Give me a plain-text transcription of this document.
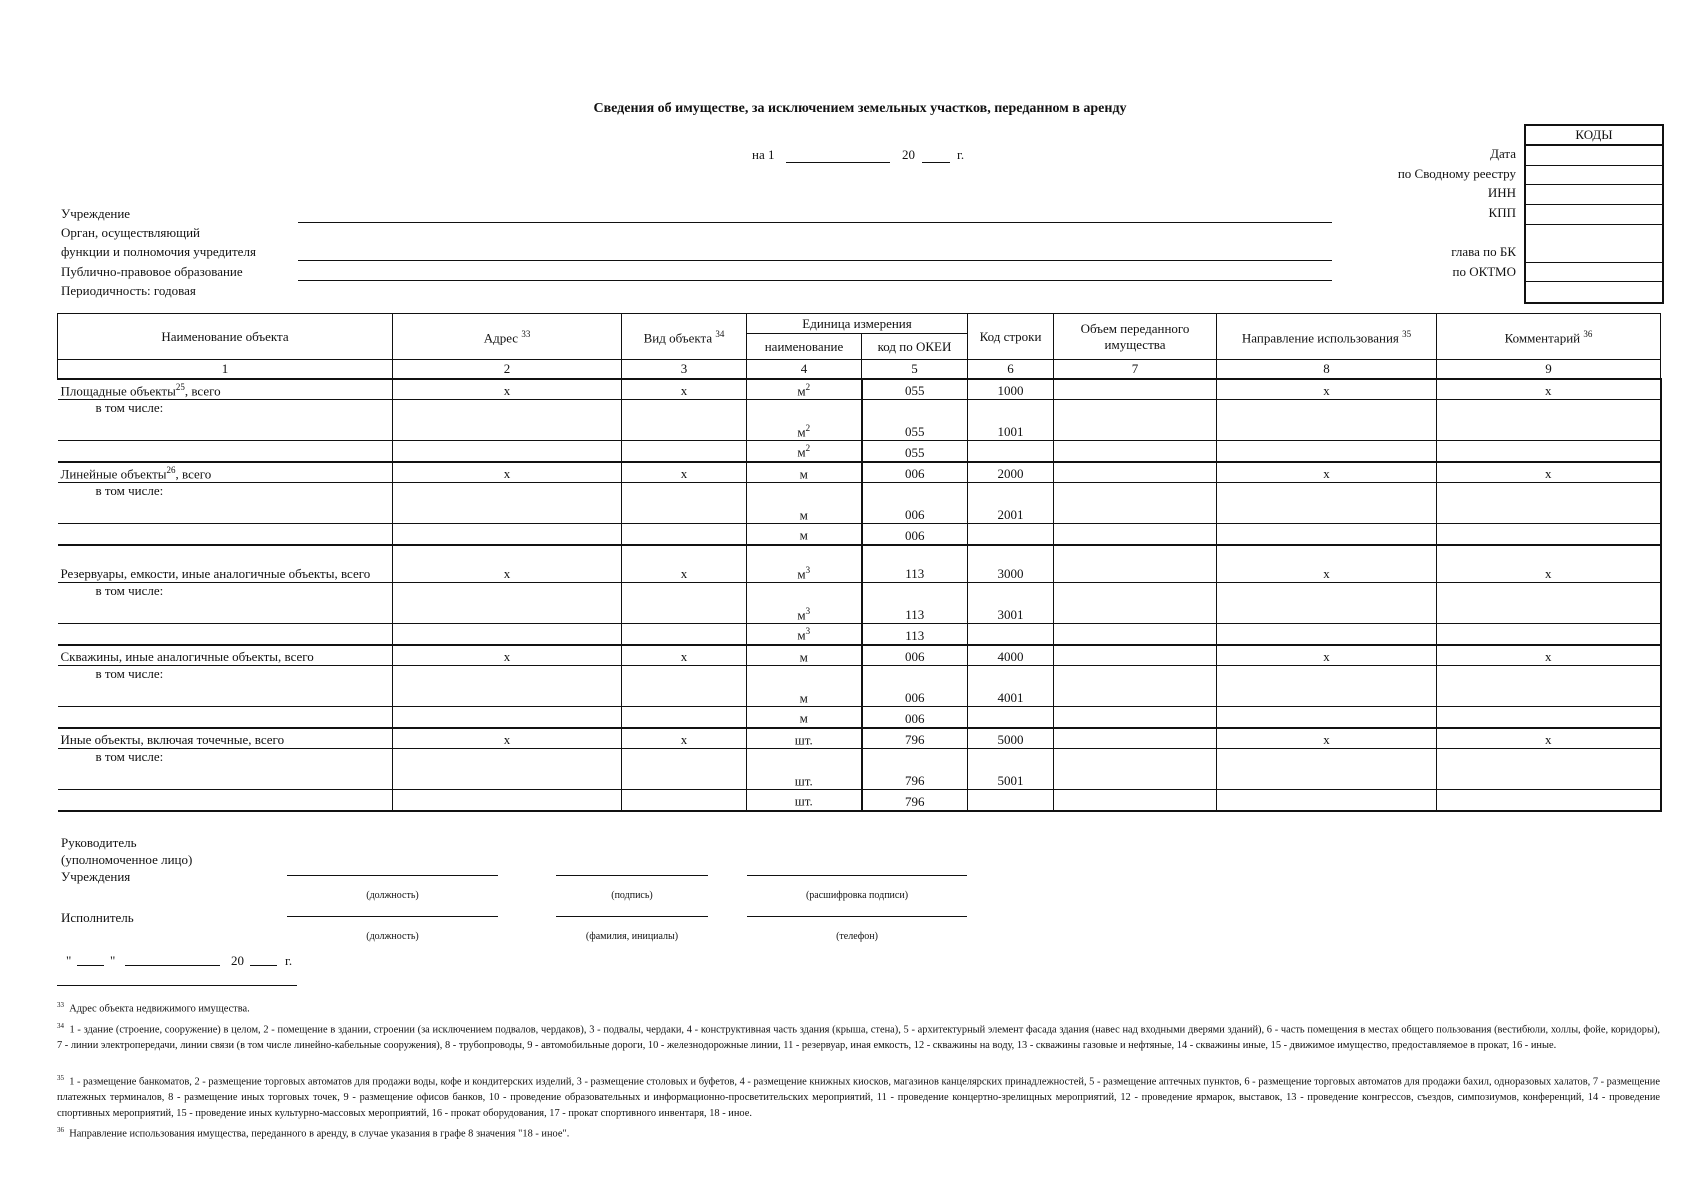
Сведения об имуществе, за исключением земельных участков, переданном в аренду
на 1	20	г.
Учреждение
Орган, осуществляющий
функции и полномочия учредителя
Публично-правовое образование
Периодичность: годовая
КОДЫ
Дата
по Сводному реестру
ИНН
КПП
глава по БК
по ОКТМО
Наименование объекта	Адрес $^{33}$	Вид объекта $^{34}$	Единица измерения		Код строки	Объем переданного имущества	Направление использования $^{35}$	Комментарий $^{36}$
			наименование	код по ОКЕИ				
1	2	3	4	5	6	7	8	9
Площадные объекты$^{25}$, всего	x	x	$м^2$	055	1000		x	x
в том числе:			$м^2$	055	1001			
			$м^2$	055				
Линейные объекты$^{26}$, всего	x	x	м	006	2000		x	x
в том числе:			м	006	2001			
			м	006				
Резервуары, емкости, иные аналогичные объекты, всего	x	x	$м^3$	113	3000		x	x
в том числе:			$м^3$	113	3001			
			$м^3$	113				
Скважины, иные аналогичные объекты, всего	x	x	м	006	4000		x	x
в том числе:			м	006	4001			
			м	006				
Иные объекты, включая точечные, всего	x	x	шт.	796	5000		x	x
в том числе:			шт.	796	5001			
			шт.	796				
Руководитель
(уполномоченное лицо)
Учреждения
(должность)	(подпись)	(расшифровка подписи)
Исполнитель
(должность)	(фамилия, инициалы)	(телефон)
"	"	20	г.
$^{33}$ Адрес объекта недвижимого имущества.
$^{34}$ 1 - здание (строение, сооружение) в целом, 2 - помещение в здании, строении (за исключением подвалов, чердаков), 3 - подвалы, чердаки, 4 - конструктивная часть здания (крыша, стена), 5 - архитектурный элемент фасада здания (навес над входными дверями зданий), 6 - часть помещения в местах общего пользования (вестибюли, холлы, фойе, коридоры), 7 - линии электропередачи, линии связи (в том числе линейно-кабельные сооружения), 8 - трубопроводы, 9 - автомобильные дороги, 10 - железнодорожные линии, 11 - резервуар, иная емкость, 12 - скважины на воду, 13 - скважины газовые и нефтяные, 14 - скважины иные, 15 - движимое имущество, предоставляемое в прокат, 16 - иные.
$^{35}$ 1 - размещение банкоматов, 2 - размещение торговых автоматов для продажи воды, кофе и кондитерских изделий, 3 - размещение столовых и буфетов, 4 - размещение книжных киосков, магазинов канцелярских принадлежностей, 5 - размещение аптечных пунктов, 6 - размещение торговых автоматов для продажи бахил, одноразовых халатов, 7 - размещение платежных терминалов, 8 - размещение иных торговых точек, 9 - размещение офисов банков, 10 - проведение образовательных и информационно-просветительских мероприятий, 11 - проведение концертно-зрелищных мероприятий, 12 - проведение ярмарок, выставок, 13 - проведение конгрессов, съездов, симпозиумов, конференций, 14 - проведение спортивных мероприятий, 15 - проведение иных культурно-массовых мероприятий, 16 - прокат оборудования, 17 - прокат спортивного инвентаря, 18 - иное.
$^{36}$ Направление использования имущества, переданного в аренду, в случае указания в графе 8 значения "18 - иное".
